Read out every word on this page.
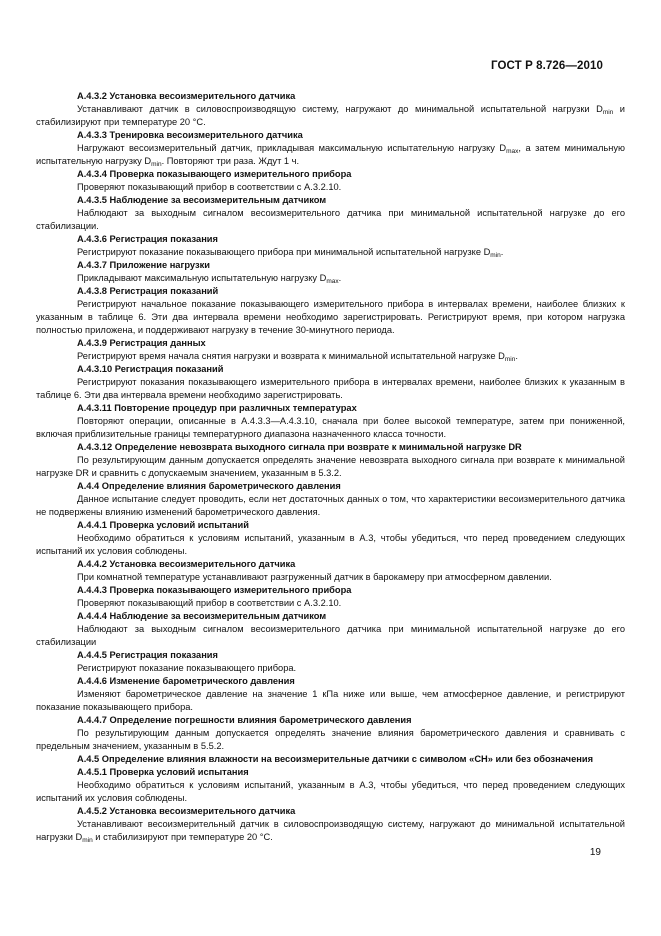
ГОСТ Р 8.726—2010
А.4.3.2 Установка весоизмерительного датчика
Устанавливают датчик в силовоспроизводящую систему, нагружают до минимальной испытательной нагрузки $D_{min}$ и стабилизируют при температуре 20 °С.
А.4.3.3 Тренировка весоизмерительного датчика
Нагружают весоизмерительный датчик, прикладывая максимальную испытательную нагрузку $D_{max}$, а затем минимальную испытательную нагрузку $D_{min}$. Повторяют три раза. Ждут 1 ч.
А.4.3.4 Проверка показывающего измерительного прибора
Проверяют показывающий прибор в соответствии с А.3.2.10.
А.4.3.5 Наблюдение за весоизмерительным датчиком
Наблюдают за выходным сигналом весоизмерительного датчика при минимальной испытательной нагрузке до его стабилизации.
А.4.3.6 Регистрация показания
Регистрируют показание показывающего прибора при минимальной испытательной нагрузке $D_{min}$.
А.4.3.7 Приложение нагрузки
Прикладывают максимальную испытательную нагрузку $D_{max}$.
А.4.3.8 Регистрация показаний
Регистрируют начальное показание показывающего измерительного прибора в интервалах времени, наиболее близких к указанным в таблице 6. Эти два интервала времени необходимо зарегистрировать. Регистрируют время, при котором нагрузка полностью приложена, и поддерживают нагрузку в течение 30-минутного периода.
А.4.3.9 Регистрация данных
Регистрируют время начала снятия нагрузки и возврата к минимальной испытательной нагрузке $D_{min}$.
А.4.3.10 Регистрация показаний
Регистрируют показания показывающего измерительного прибора в интервалах времени, наиболее близких к указанным в таблице 6. Эти два интервала времени необходимо зарегистрировать.
А.4.3.11 Повторение процедур при различных температурах
Повторяют операции, описанные в А.4.3.3—А.4.3.10, сначала при более высокой температуре, затем при пониженной, включая приблизительные границы температурного диапазона назначенного класса точности.
А.4.3.12 Определение невозврата выходного сигнала при возврате к минимальной нагрузке DR
По результирующим данным допускается определять значение невозврата выходного сигнала при возврате к минимальной нагрузке DR и сравнить с допускаемым значением, указанным в 5.3.2.
А.4.4 Определение влияния барометрического давления
Данное испытание следует проводить, если нет достаточных данных о том, что характеристики весоизмерительного датчика не подвержены влиянию изменений барометрического давления.
А.4.4.1 Проверка условий испытаний
Необходимо обратиться к условиям испытаний, указанным в А.3, чтобы убедиться, что перед проведением следующих испытаний их условия соблюдены.
А.4.4.2 Установка весоизмерительного датчика
При комнатной температуре устанавливают разгруженный датчик в барокамеру при атмосферном давлении.
А.4.4.3 Проверка показывающего измерительного прибора
Проверяют показывающий прибор в соответствии с А.3.2.10.
А.4.4.4 Наблюдение за весоизмерительным датчиком
Наблюдают за выходным сигналом весоизмерительного датчика при минимальной испытательной нагрузке до его стабилизации
А.4.4.5 Регистрация показания
Регистрируют показание показывающего прибора.
А.4.4.6 Изменение барометрического давления
Изменяют барометрическое давление на значение 1 кПа ниже или выше, чем атмосферное давление, и регистрируют показание показывающего прибора.
А.4.4.7 Определение погрешности влияния барометрического давления
По результирующим данным допускается определять значение влияния барометрического давления и сравнивать с предельным значением, указанным в 5.5.2.
А.4.5 Определение влияния влажности на весоизмерительные датчики с символом «СН» или без обозначения
А.4.5.1 Проверка условий испытания
Необходимо обратиться к условиям испытаний, указанным в А.3, чтобы убедиться, что перед проведением следующих испытаний их условия соблюдены.
А.4.5.2 Установка весоизмерительного датчика
Устанавливают весоизмерительный датчик в силовоспроизводящую систему, нагружают до минимальной испытательной нагрузки $D_{min}$ и стабилизируют при температуре 20 °С.
19
